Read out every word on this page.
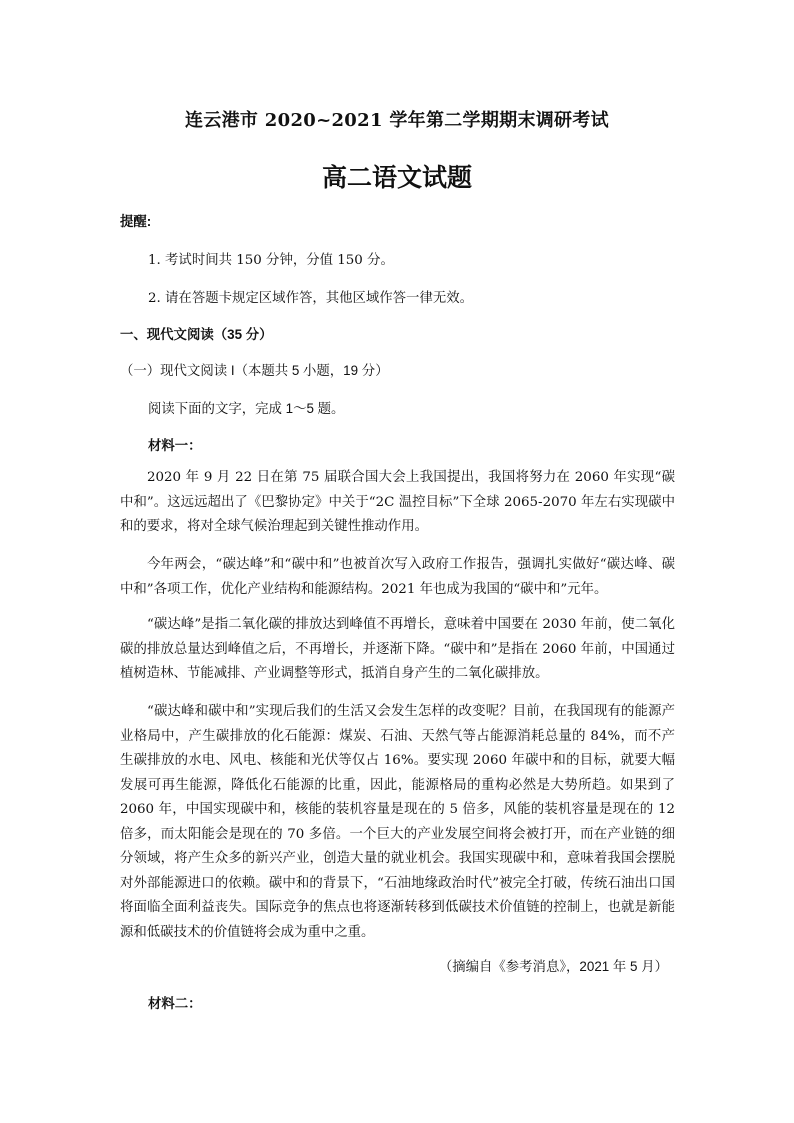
连云港市 2020~2021 学年第二学期期末调研考试
高二语文试题
提醒:
1. 考试时间共 150 分钟，分值 150 分。
2. 请在答题卡规定区域作答，其他区域作答一律无效。
一、现代文阅读（35 分）
（一）现代文阅读 I（本题共 5 小题，19 分）
阅读下面的文字，完成 1～5 题。
材料一：

2020 年 9 月 22 日在第 75 届联合国大会上我国提出，我国将努力在 2060 年实现“碳中和”。这远远超出了《巴黎协定》中关于“2C 温控目标”下全球 2065-2070 年左右实现碳中和的要求，将对全球气候治理起到关键性推动作用。

今年两会，“碳达峰”和“碳中和”也被首次写入政府工作报告，强调扎实做好“碳达峰、碳中和”各项工作，优化产业结构和能源结构。2021 年也成为我国的“碳中和”元年。

“碳达峰”是指二氧化碳的排放达到峰值不再增长，意味着中国要在 2030 年前，使二氧化碳的排放总量达到峰值之后，不再增长，并逐渐下降。“碳中和”是指在 2060 年前，中国通过植树造林、节能减排、产业调整等形式，抵消自身产生的二氧化碳排放。

“碳达峰和碳中和”实现后我们的生活又会发生怎样的改变呢？目前，在我国现有的能源产业格局中，产生碳排放的化石能源：煤炭、石油、天然气等占能源消耗总量的 84%，而不产生碳排放的水电、风电、核能和光伏等仅占 16%。要实现 2060 年碳中和的目标，就要大幅发展可再生能源，降低化石能源的比重，因此，能源格局的重构必然是大势所趋。如果到了 2060 年，中国实现碳中和，核能的装机容量是现在的 5 倍多，风能的装机容量是现在的 12 倍多，而太阳能会是现在的 70 多倍。一个巨大的产业发展空间将会被打开，而在产业链的细分领域，将产生众多的新兴产业，创造大量的就业机会。我国实现碳中和，意味着我国会摆脱对外部能源进口的依赖。碳中和的背景下，“石油地缘政治时代”被完全打破，传统石油出口国将面临全面利益丧失。国际竞争的焦点也将逐渐转移到低碳技术价值链的控制上，也就是新能源和低碳技术的价值链将会成为重中之重。

（摘编自《参考消息》，2021 年 5 月）
材料二：
